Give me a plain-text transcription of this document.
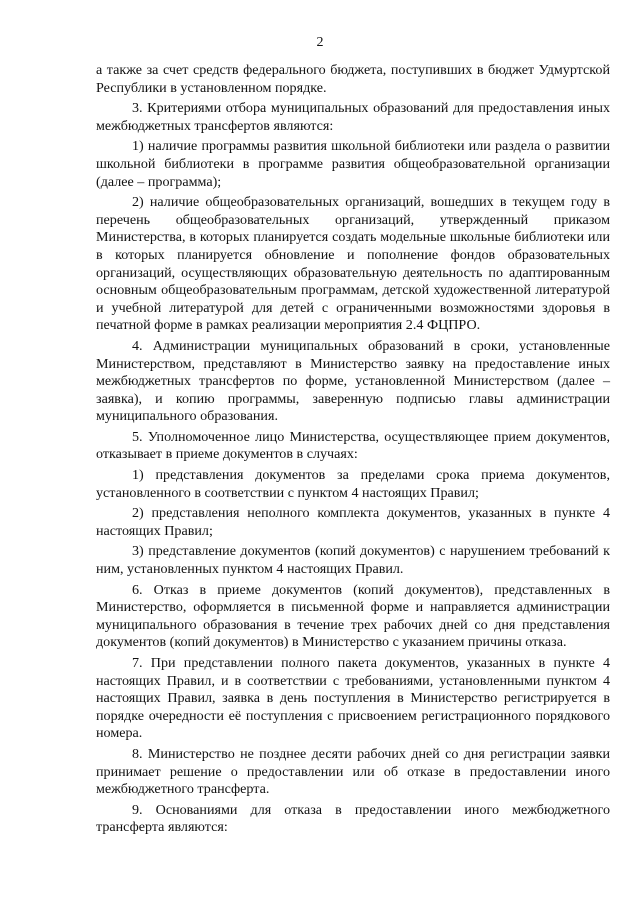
2

а также за счет средств федерального бюджета, поступивших в бюджет Удмуртской Республики в установленном порядке.

3. Критериями отбора муниципальных образований для предоставления иных межбюджетных трансфертов являются:

1) наличие программы развития школьной библиотеки или раздела о развитии школьной библиотеки в программе развития общеобразовательной организации (далее – программа);

2) наличие общеобразовательных организаций, вошедших в текущем году в перечень общеобразовательных организаций, утвержденный приказом Министерства, в которых планируется создать модельные школьные библиотеки или в которых планируется обновление и пополнение фондов образовательных организаций, осуществляющих образовательную деятельность по адаптированным основным общеобразовательным программам, детской художественной литературой и учебной литературой для детей с ограниченными возможностями здоровья в печатной форме в рамках реализации мероприятия 2.4 ФЦПРО.

4. Администрации муниципальных образований в сроки, установленные Министерством, представляют в Министерство заявку на предоставление иных межбюджетных трансфертов по форме, установленной Министерством (далее – заявка), и копию программы, заверенную подписью главы администрации муниципального образования.

5. Уполномоченное лицо Министерства, осуществляющее прием документов, отказывает в приеме документов в случаях:

1) представления документов за пределами срока приема документов, установленного в соответствии с пунктом 4 настоящих Правил;

2) представления неполного комплекта документов, указанных в пункте 4 настоящих Правил;

3) представление документов (копий документов) с нарушением требований к ним, установленных пунктом 4 настоящих Правил.

6. Отказ в приеме документов (копий документов), представленных в Министерство, оформляется в письменной форме и направляется администрации муниципального образования в течение трех рабочих дней со дня представления документов (копий документов) в Министерство с указанием причины отказа.

7. При представлении полного пакета документов, указанных в пункте 4 настоящих Правил, и в соответствии с требованиями, установленными пунктом 4 настоящих Правил, заявка в день поступления в Министерство регистрируется в порядке очередности её поступления с присвоением регистрационного порядкового номера.

8. Министерство не позднее десяти рабочих дней со дня регистрации заявки принимает решение о предоставлении или об отказе в предоставлении иного межбюджетного трансферта.

9. Основаниями для отказа в предоставлении иного межбюджетного трансферта являются:
